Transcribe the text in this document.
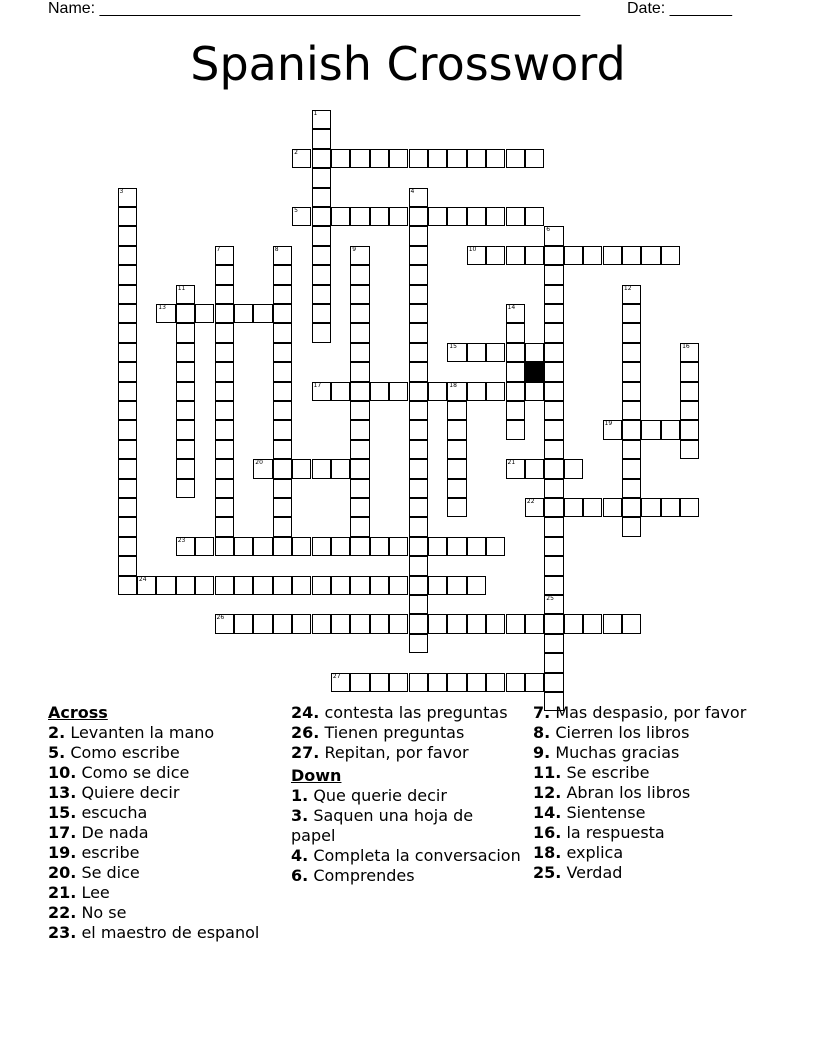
Name: ______________________________________________________	Date: _______
Spanish Crossword
1
2
3	4
5
6
25
7	8	9	10
11	12
13	14
15	16
17	18
19
20	21
22
23
24
26
27
Across
2. Levanten la mano
5. Como escribe
10. Como se dice
13. Quiere decir
15. escucha
17. De nada
19. escribe
20. Se dice
21. Lee
22. No se
23. el maestro de espanol
24. contesta las preguntas
26. Tienen preguntas
27. Repitan, por favor
Down
1. Que querie decir
3. Saquen una hoja de papel
4. Completa la conversacion
6. Comprendes
7. Mas despasio, por favor
8. Cierren los libros
9. Muchas gracias
11. Se escribe
12. Abran los libros
14. Sientense
16. la respuesta
18. explica
25. Verdad
